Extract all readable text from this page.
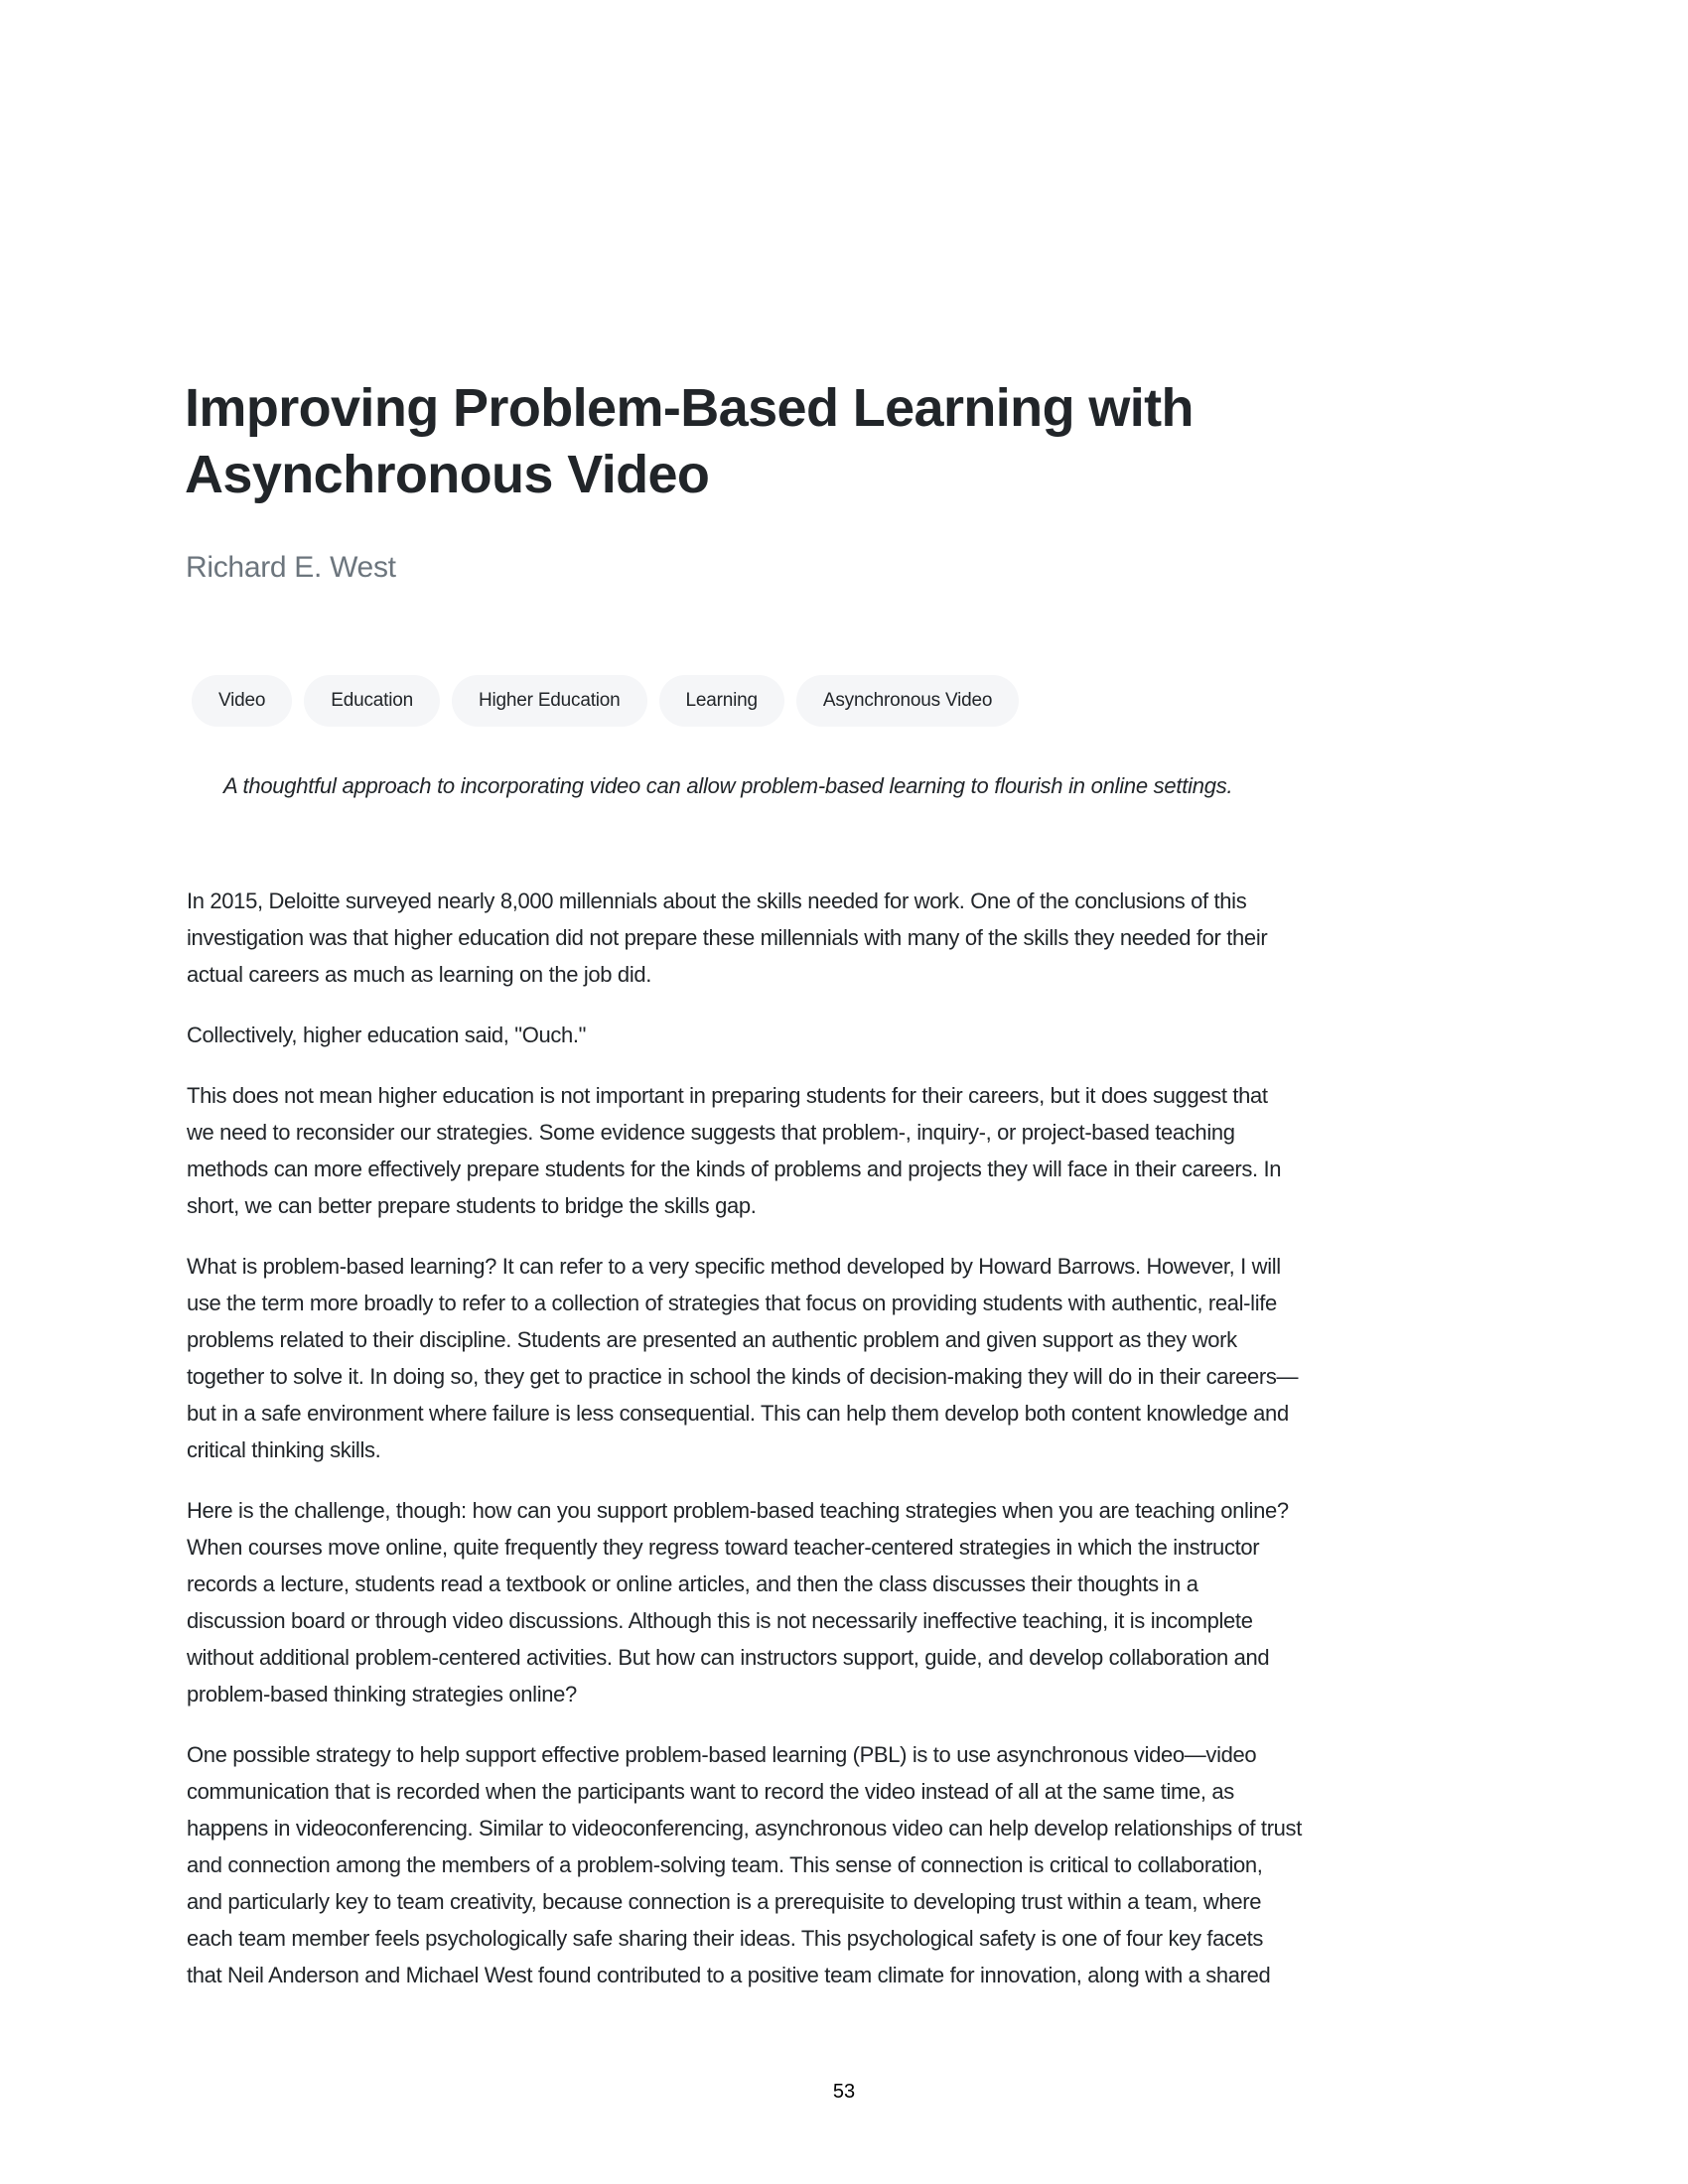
Improving Problem-Based Learning with
Asynchronous Video

Richard E. West

Video	Education	Higher Education	Learning	Asynchronous Video

A thoughtful approach to incorporating video can allow problem-based learning to flourish in online settings.

In 2015, Deloitte surveyed nearly 8,000 millennials about the skills needed for work. One of the conclusions of this
investigation was that higher education did not prepare these millennials with many of the skills they needed for their
actual careers as much as learning on the job did.

Collectively, higher education said, "Ouch."

This does not mean higher education is not important in preparing students for their careers, but it does suggest that
we need to reconsider our strategies. Some evidence suggests that problem-, inquiry-, or project-based teaching
methods can more effectively prepare students for the kinds of problems and projects they will face in their careers. In
short, we can better prepare students to bridge the skills gap.

What is problem-based learning? It can refer to a very specific method developed by Howard Barrows. However, I will
use the term more broadly to refer to a collection of strategies that focus on providing students with authentic, real-life
problems related to their discipline. Students are presented an authentic problem and given support as they work
together to solve it. In doing so, they get to practice in school the kinds of decision-making they will do in their careers—
but in a safe environment where failure is less consequential. This can help them develop both content knowledge and
critical thinking skills.

Here is the challenge, though: how can you support problem-based teaching strategies when you are teaching online?
When courses move online, quite frequently they regress toward teacher-centered strategies in which the instructor
records a lecture, students read a textbook or online articles, and then the class discusses their thoughts in a
discussion board or through video discussions. Although this is not necessarily ineffective teaching, it is incomplete
without additional problem-centered activities. But how can instructors support, guide, and develop collaboration and
problem-based thinking strategies online?

One possible strategy to help support effective problem-based learning (PBL) is to use asynchronous video—video
communication that is recorded when the participants want to record the video instead of all at the same time, as
happens in videoconferencing. Similar to videoconferencing, asynchronous video can help develop relationships of trust
and connection among the members of a problem-solving team. This sense of connection is critical to collaboration,
and particularly key to team creativity, because connection is a prerequisite to developing trust within a team, where
each team member feels psychologically safe sharing their ideas. This psychological safety is one of four key facets
that Neil Anderson and Michael West found contributed to a positive team climate for innovation, along with a shared

53
